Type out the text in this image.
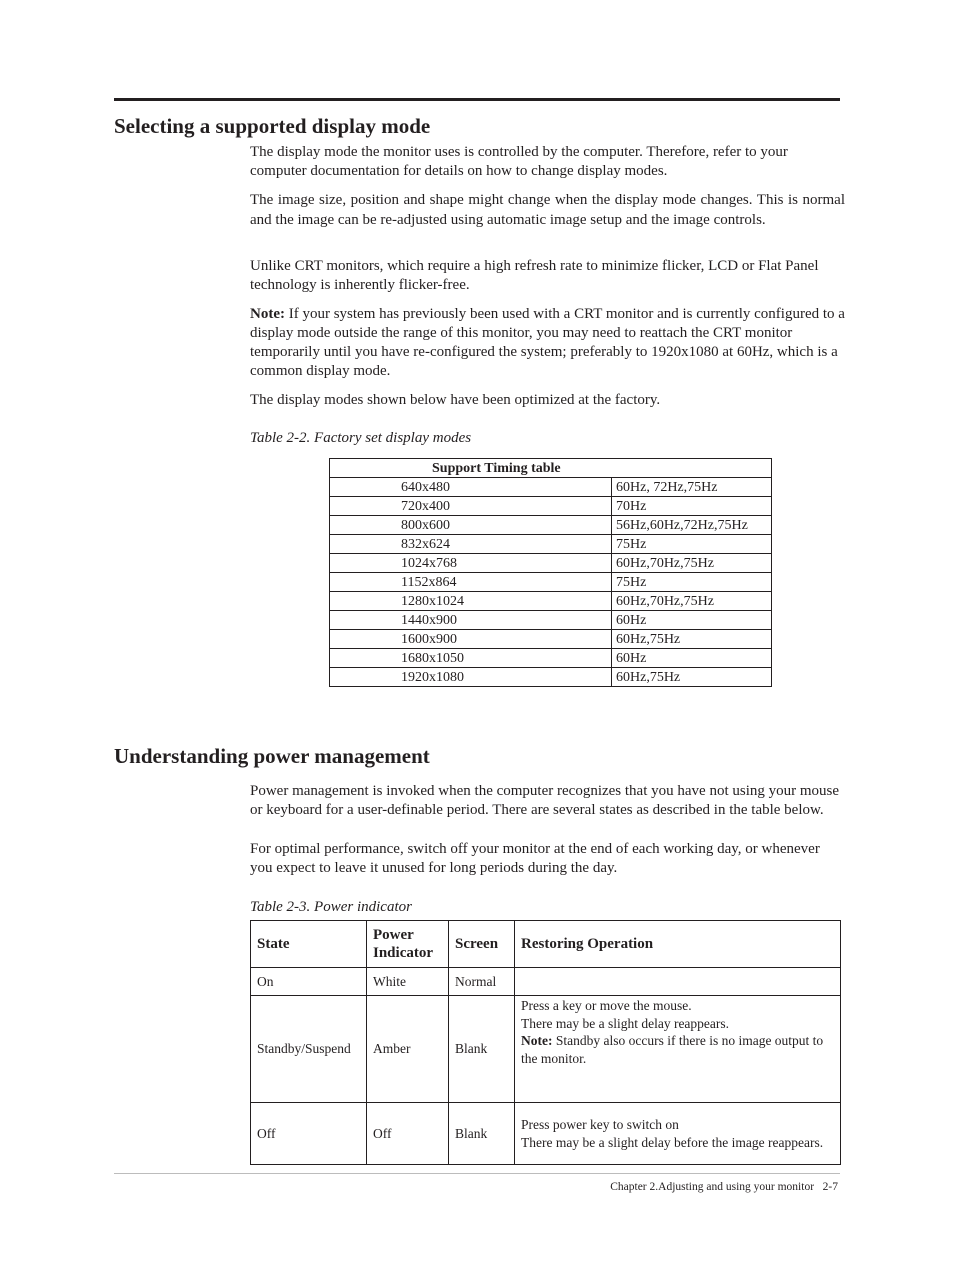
Selecting a supported display mode

The display mode the monitor uses is controlled by the computer. Therefore, refer to your computer documentation for details on how to change display modes.

The image size, position and shape might change when the display mode changes. This is normal and the image can be re-adjusted using automatic image setup and the image controls.

Unlike CRT monitors, which require a high refresh rate to minimize flicker, LCD or Flat Panel technology is inherently flicker-free.

Note: If your system has previously been used with a CRT monitor and is currently configured to a display mode outside the range of this monitor, you may need to reattach the CRT monitor temporarily until you have re-configured the system; preferably to 1920x1080 at 60Hz, which is a common display mode.

The display modes shown below have been optimized at the factory.

Table 2-2. Factory set display modes
Support Timing table	
640x480	60Hz, 72Hz,75Hz
720x400	70Hz
800x600	56Hz,60Hz,72Hz,75Hz
832x624	75Hz
1024x768	60Hz,70Hz,75Hz
1152x864	75Hz
1280x1024	60Hz,70Hz,75Hz
1440x900	60Hz
1600x900	60Hz,75Hz
1680x1050	60Hz
1920x1080	60Hz,75Hz
Understanding power management

Power management is invoked when the computer recognizes that you have not using your mouse or keyboard for a user-definable period. There are several states as described in the table below.

For optimal performance, switch off your monitor at the end of each working day, or whenever you expect to leave it unused for long periods during the day.

Table 2-3. Power indicator
State	Power Indicator	Screen	Restoring Operation
On	White	Normal	
Standby/Suspend	Amber	Blank	Press a key or move the mouse.
There may be a slight delay reappears.
Note: Standby also occurs if there is no image output to the monitor.

Off	Off	Blank	Press power key to switch on
There may be a slight delay before the image reappears.
Chapter 2.Adjusting and using your monitor 2-7
